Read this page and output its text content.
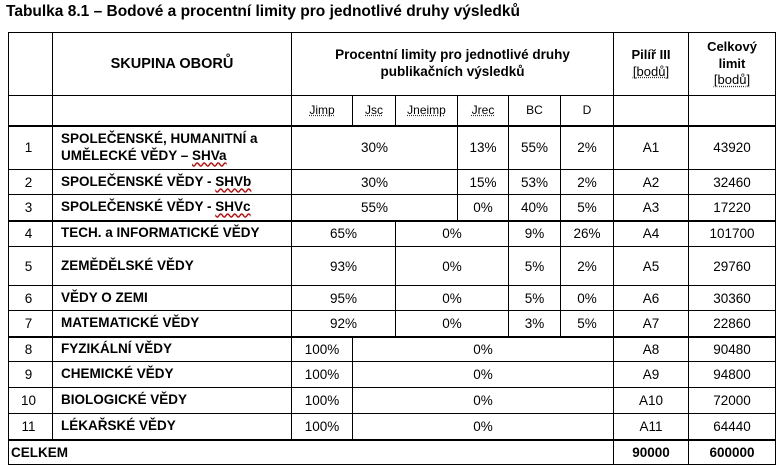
Tabulka 8.1 – Bodové a procentní limity pro jednotlivé druhy výsledků
	SKUPINA OBORŮ	Procentní limity pro jednotlivé druhy publikačních výsledků						Pilíř III
[bodů]	Celkový limit
[bodů]
		Jimp	Jsc	Jneimp	Jrec	BC	D		
1	SPOLEČENSKÉ, HUMANITNÍ a UMĚLECKÉ VĚDY – SHVa	30%			13%	55%	2%	A1	43920
2	SPOLEČENSKÉ VĚDY - SHVb	30%			15%	53%	2%	A2	32460
3	SPOLEČENSKÉ VĚDY - SHVc	55%			0%	40%	5%	A3	17220
4	TECH. a INFORMATICKÉ VĚDY	65%		0%		9%	26%	A4	101700
5	ZEMĚDĚLSKÉ VĚDY	93%		0%		5%	2%	A5	29760
6	VĚDY O ZEMI	95%		0%		5%	0%	A6	30360
7	MATEMATICKÉ VĚDY	92%		0%		3%	5%	A7	22860
8	FYZIKÁLNÍ VĚDY	100%	0%					A8	90480
9	CHEMICKÉ VĚDY	100%	0%					A9	94800
10	BIOLOGICKÉ VĚDY	100%	0%					A10	72000
11	LÉKAŘSKÉ VĚDY	100%	0%					A11	64440
CELKEM								90000	600000
